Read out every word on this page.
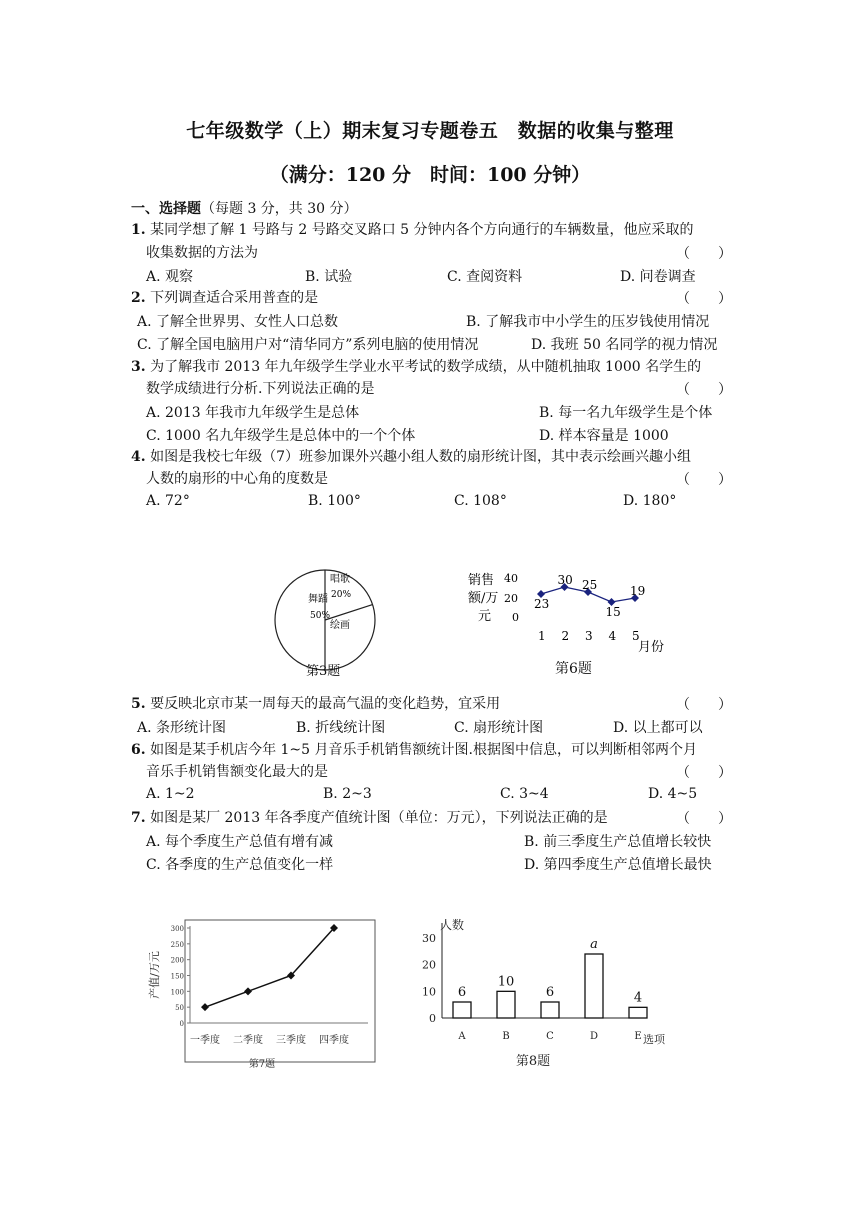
七年级数学（上）期末复习专题卷五　数据的收集与整理
（满分：120 分　时间：100 分钟）
一、选择题（每题 3 分，共 30 分）
1. 某同学想了解 1 号路与 2 号路交叉路口 5 分钟内各个方向通行的车辆数量，他应采取的
收集数据的方法为	（　　）
A. 观察	B. 试验	C. 查阅资料	D. 问卷调查
2. 下列调查适合采用普查的是	（　　）
A. 了解全世界男、女性人口总数	B. 了解我市中小学生的压岁钱使用情况
C. 了解全国电脑用户对“清华同方”系列电脑的使用情况	D. 我班 50 名同学的视力情况
3. 为了解我市 2013 年九年级学生学业水平考试的数学成绩，从中随机抽取 1000 名学生的
数学成绩进行分析.下列说法正确的是	（　　）
A. 2013 年我市九年级学生是总体	B. 每一名九年级学生是个体
C. 1000 名九年级学生是总体中的一个个体	D. 样本容量是 1000
4. 如图是我校七年级（7）班参加课外兴趣小组人数的扇形统计图，其中表示绘画兴趣小组
人数的扇形的中心角的度数是	（　　）
A. 72°	B. 100°	C. 108°	D. 180°
舞蹈
50%
唱歌
20%
绘画
第3题
销售
额/万
元
40
20
0
23
30 25
15
19
1 2 3 4 5
月份
第6题
5. 要反映北京市某一周每天的最高气温的变化趋势，宜采用	（　　）
A. 条形统计图	B. 折线统计图	C. 扇形统计图	D. 以上都可以
6. 如图是某手机店今年 1~5 月音乐手机销售额统计图.根据图中信息，可以判断相邻两个月
音乐手机销售额变化最大的是	（　　）
A. 1~2	B. 2~3	C. 3~4	D. 4~5
7. 如图是某厂 2013 年各季度产值统计图（单位：万元），下列说法正确的是	（　　）
A. 每个季度生产总值有增有减	B. 前三季度生产总值增长较快
C. 各季度的生产总值变化一样	D. 第四季度生产总值增长最快
300
250
200
150
100
50
0
产值/万元
一季度 二季度 三季度 四季度
第7题
人数
30
20
10
0
6
A
10
B
6
C
a
D
4
E 选项
第8题
